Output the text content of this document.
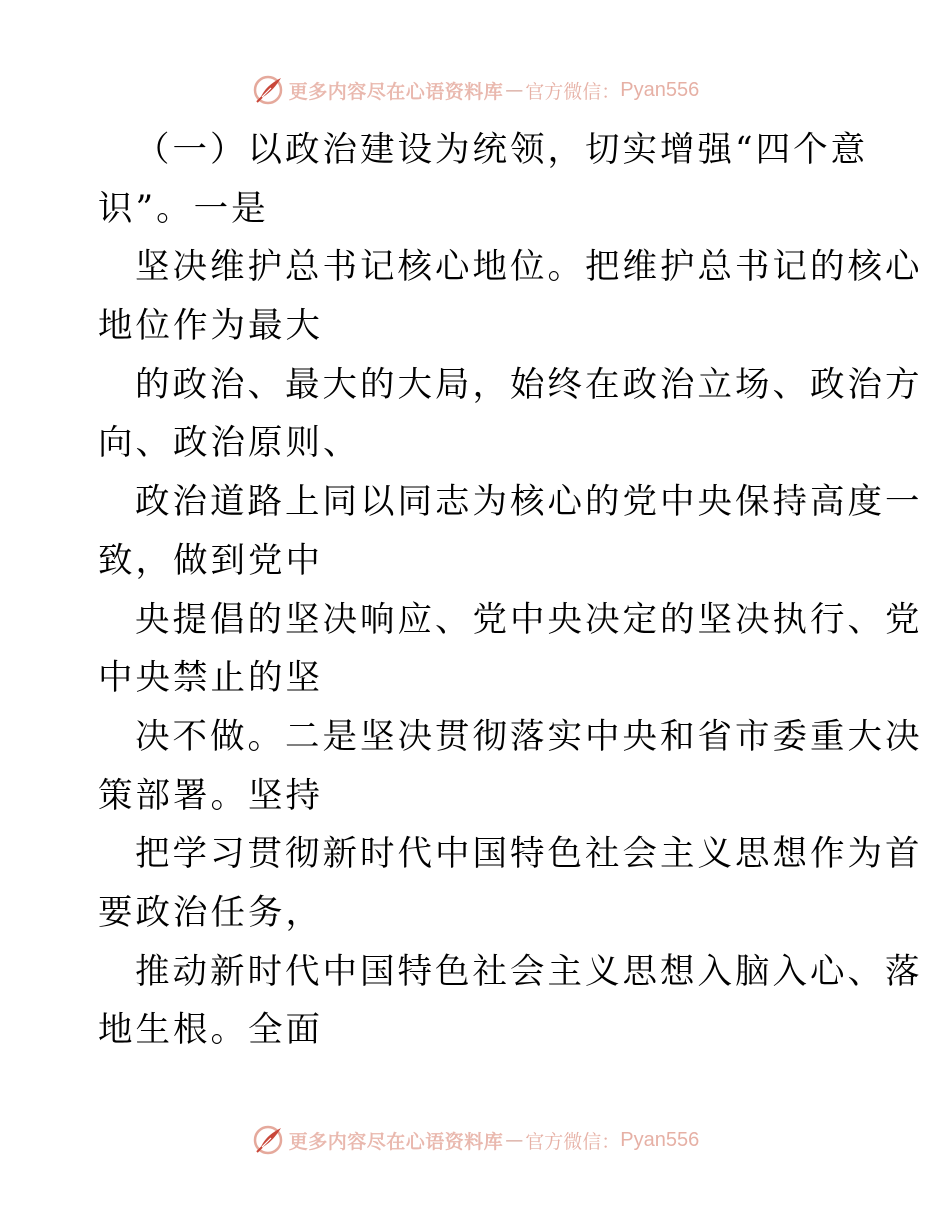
更多内容尽在心语资料库 — 官方微信： Pyan556
（一）以政治建设为统领，切实增强“四个意
识”。一是
坚决维护总书记核心地位。把维护总书记的核心
地位作为最大
的政治、最大的大局，始终在政治立场、政治方
向、政治原则、
政治道路上同以同志为核心的党中央保持高度一
致，做到党中
央提倡的坚决响应、党中央决定的坚决执行、党
中央禁止的坚
决不做。二是坚决贯彻落实中央和省市委重大决
策部署。坚持
把学习贯彻新时代中国特色社会主义思想作为首
要政治任务，
推动新时代中国特色社会主义思想入脑入心、落
地生根。全面
更多内容尽在心语资料库 — 官方微信： Pyan556
